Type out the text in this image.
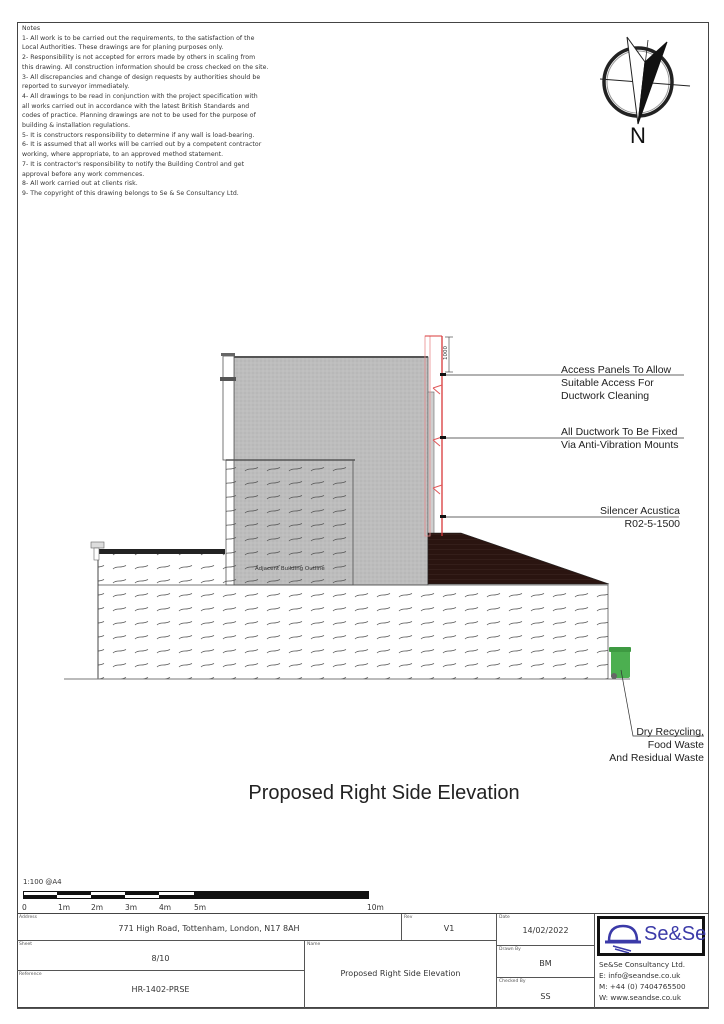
Notes
1- All work is to be carried out the requirements, to the satisfaction of the
Local Authorities. These drawings are for planing purposes only.
2- Responsibility is not accepted for errors made by others in scaling from
this drawing. All construction information should be cross checked on the site.
3- All discrepancies and change of design requests by authorities should be
reported to surveyor immediately.
4- All drawings to be read in conjunction with the project specification with
all works carried out in accordance with the latest British Standards and
codes of practice. Planning drawings are not to be used for the purpose of
building & installation regulations.
5- It is constructors responsibility to determine if any wall is load-bearing.
6- It is assumed that all works will be carried out by a competent contractor
working, where appropriate, to an approved method statement.
7- It is contractor's responsibility to notify the Building Control and get
approval before any work commences.
8- All work carried out at clients risk.
9- The copyright of this drawing belongs to Se & Se Consultancy Ltd.
N
1000
Adjacent Building Outline
Access Panels To Allow
Suitable Access For
Ductwork Cleaning
All Ductwork To Be Fixed
Via Anti-Vibration Mounts
Silencer Acustica
R02-5-1500
Dry Recycling,
Food Waste
And Residual Waste
Proposed Right Side Elevation
1:100 @A4
0	1m	2m	3m	4m	5m	10m
Address
771 High Road, Tottenham, London, N17 8AH
Rev
V1
Sheet
8/10
Reference
HR-1402-PRSE
Name
Proposed Right Side Elevation
Date
14/02/2022
Drawn By
BM
Checked By
SS
Se&Se
Se&Se Consultancy Ltd.
E: info@seandse.co.uk
M: +44 (0) 7404765500
W: www.seandse.co.uk
